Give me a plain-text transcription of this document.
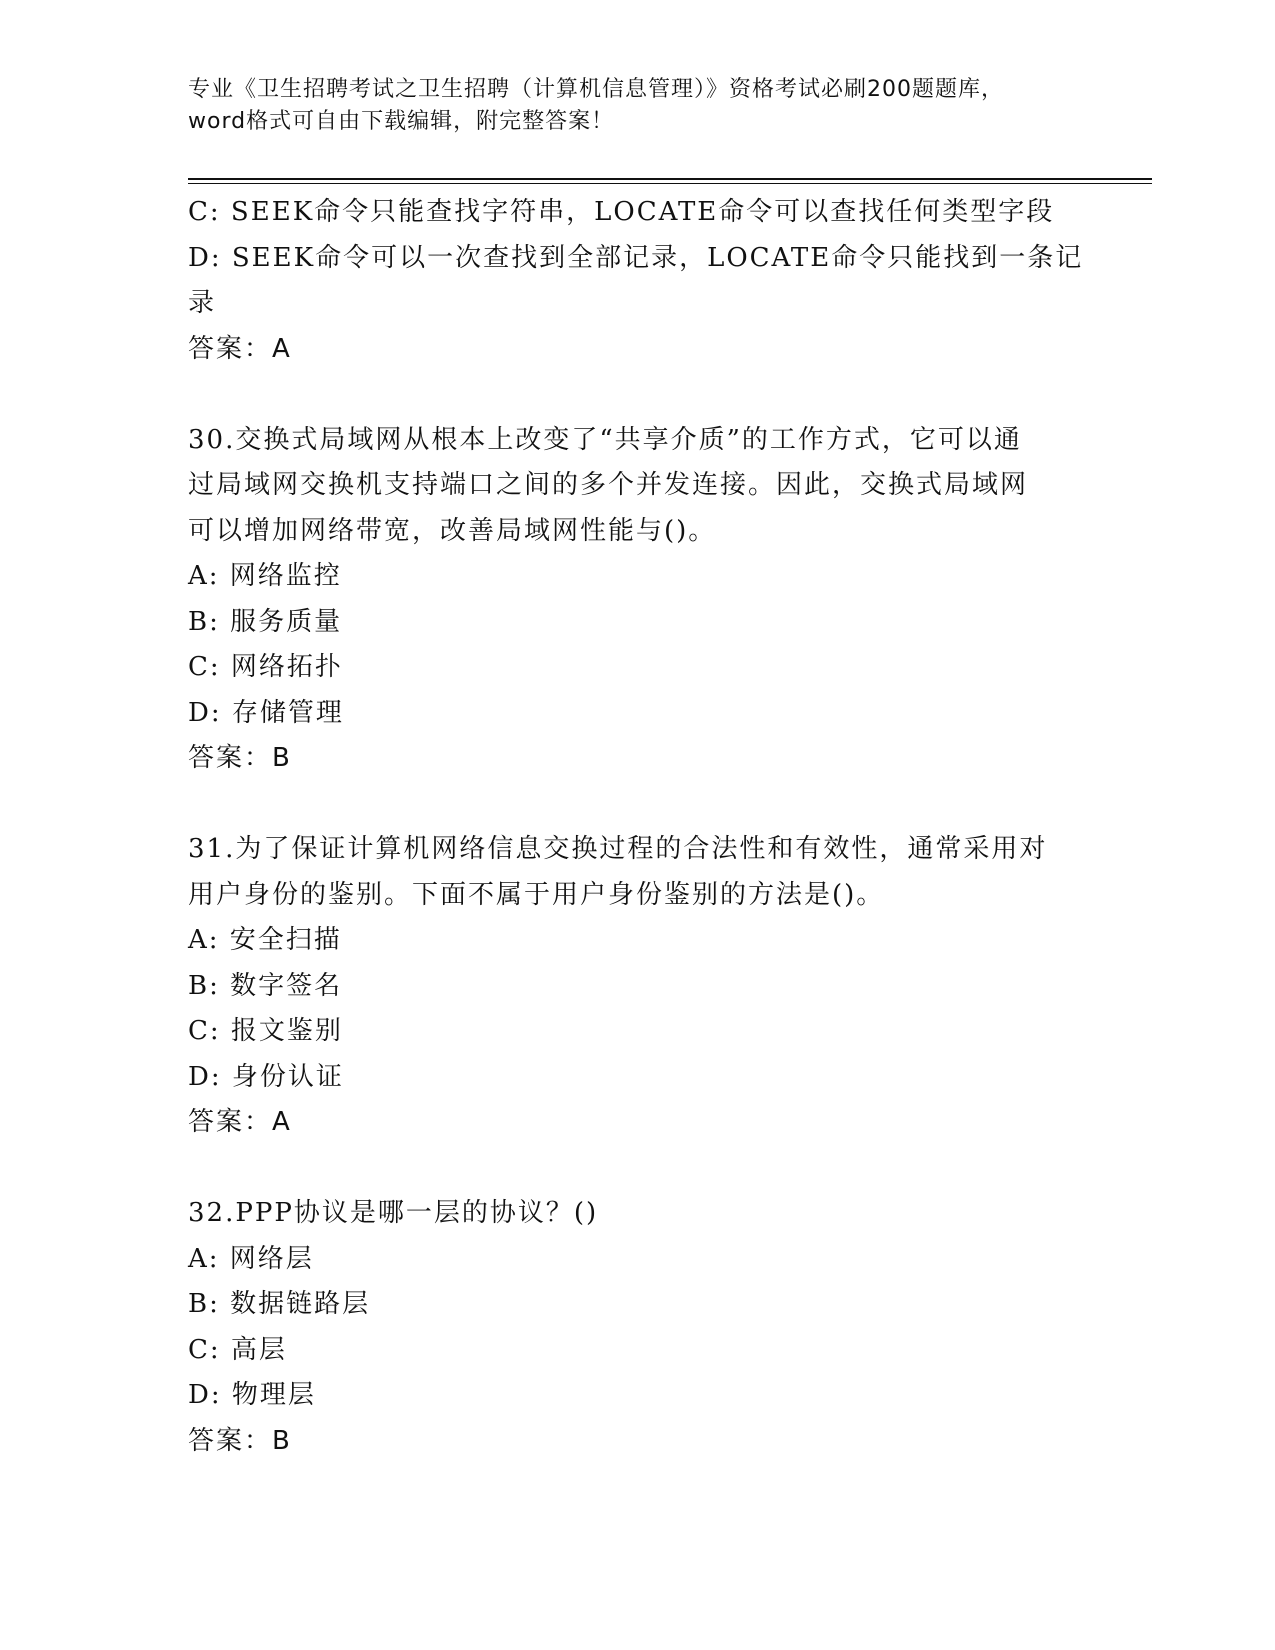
专业《卫生招聘考试之卫生招聘（计算机信息管理）》资格考试必刷200题题库，
word格式可自由下载编辑，附完整答案！
C: SEEK命令只能查找字符串，LOCATE命令可以查找任何类型字段
D: SEEK命令可以一次查找到全部记录，LOCATE命令只能找到一条记
录
答案：A
30.交换式局域网从根本上改变了“共享介质”的工作方式，它可以通
过局域网交换机支持端口之间的多个并发连接。因此，交换式局域网
可以增加网络带宽，改善局域网性能与()。
A: 网络监控
B: 服务质量
C: 网络拓扑
D: 存储管理
答案：B
31.为了保证计算机网络信息交换过程的合法性和有效性，通常采用对
用户身份的鉴别。下面不属于用户身份鉴别的方法是()。
A: 安全扫描
B: 数字签名
C: 报文鉴别
D: 身份认证
答案：A
32.PPP协议是哪一层的协议？()
A: 网络层
B: 数据链路层
C: 高层
D: 物理层
答案：B
